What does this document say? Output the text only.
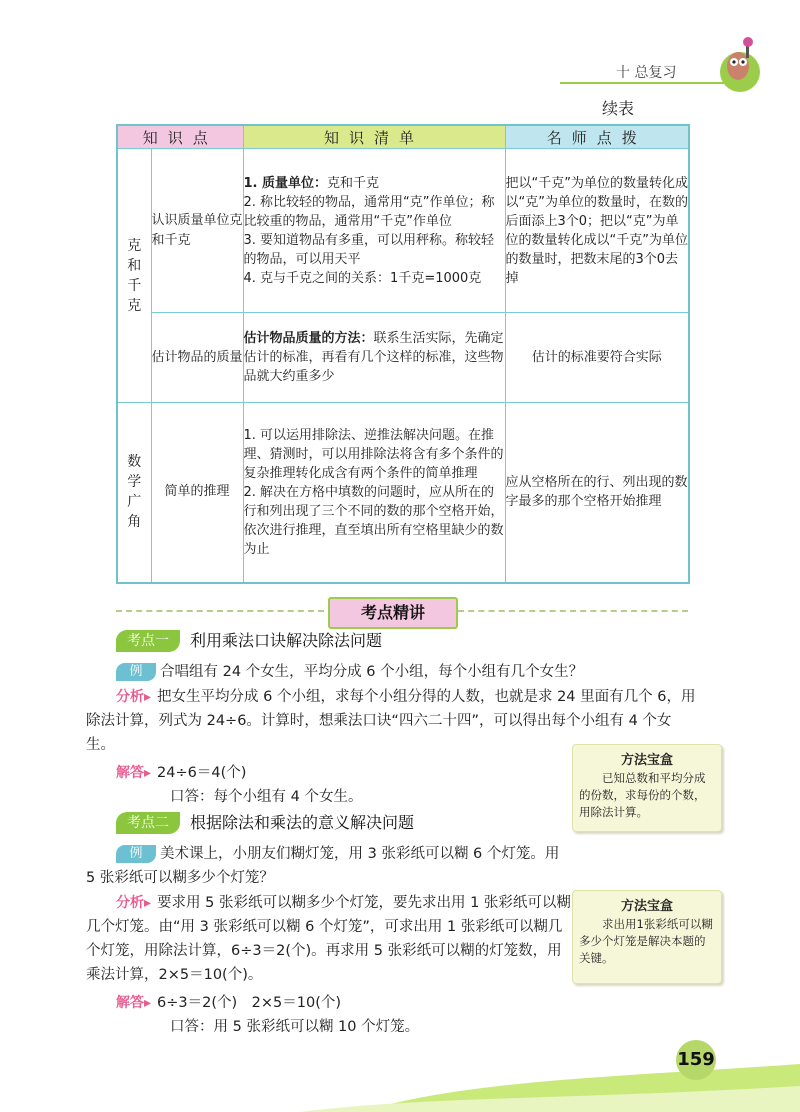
十 总复习
续表
知识点		知识清单	名师点拨

克
和
千
克	认识质量单位克和千克	1. 质量单位：克和千克
2. 称比较轻的物品，通常用“克”作单位；称比较重的物品，通常用“千克”作单位
3. 要知道物品有多重，可以用秤称。称较轻的物品，可以用天平
4. 克与千克之间的关系：1千克=1000克	把以“千克”为单位的数量转化成以“克”为单位的数量时，在数的后面添上3个0；把以“克”为单位的数量转化成以“千克”为单位的数量时，把数末尾的3个0去掉
	估计物品的质量	估计物品质量的方法：联系生活实际，先确定估计的标准，再看有几个这样的标准，这些物品就大约重多少	估计的标准要符合实际

数
学
广
角	简单的推理	1. 可以运用排除法、逆推法解决问题。在推理、猜测时，可以用排除法将含有多个条件的复杂推理转化成含有两个条件的简单推理
2. 解决在方格中填数的问题时，应从所在的行和列出现了三个不同的数的那个空格开始，依次进行推理，直至填出所有空格里缺少的数为止	应从空格所在的行、列出现的数字最多的那个空格开始推理
考点精讲
考点一	利用乘法口诀解决除法问题
例 合唱组有 24 个女生，平均分成 6 个小组，每个小组有几个女生？
分析▸ 把女生平均分成 6 个小组，求每个小组分得的人数，也就是求 24 里面有几个 6，用除法计算，列式为 24÷6。计算时，想乘法口诀“四六二十四”，可以得出每个小组有 4 个女生。
解答▸ 24÷6＝4(个)
口答：每个小组有 4 个女生。
方法宝盒
已知总数和平均分成的份数，求每份的个数，用除法计算。
考点二	根据除法和乘法的意义解决问题
例 美术课上，小朋友们糊灯笼，用 3 张彩纸可以糊 6 个灯笼。用 5 张彩纸可以糊多少个灯笼？
分析▸ 要求用 5 张彩纸可以糊多少个灯笼，要先求出用 1 张彩纸可以糊几个灯笼。由“用 3 张彩纸可以糊 6 个灯笼”，可求出用 1 张彩纸可以糊几个灯笼，用除法计算，6÷3＝2(个)。再求用 5 张彩纸可以糊的灯笼数，用乘法计算，2×5＝10(个)。
解答▸ 6÷3＝2(个)　2×5＝10(个)
口答：用 5 张彩纸可以糊 10 个灯笼。
方法宝盒
求出用1张彩纸可以糊多少个灯笼是解决本题的关键。
159
